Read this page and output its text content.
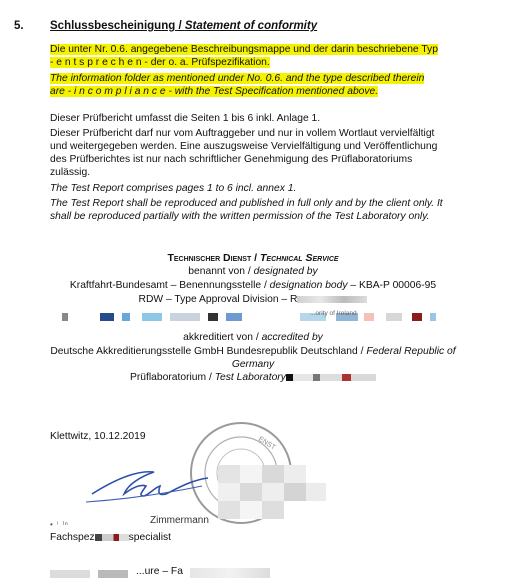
5. Schlussbescheinigung / Statement of conformity
Die unter Nr. 0.6. angegebene Beschreibungsmappe und der darin beschriebene Typ
- e n t s p r e c h e n - der o. a. Prüfspezifikation.
The information folder as mentioned under No. 0.6. and the type described therein
are - i n c o m p l i a n c e - with the Test Specification mentioned above.
Dieser Prüfbericht umfasst die Seiten 1 bis 6 inkl. Anlage 1.
Dieser Prüfbericht darf nur vom Auftraggeber und nur in vollem Wortlaut vervielfältigt
und weitergegeben werden. Eine auszugsweise Vervielfältigung und Veröffentlichung
des Prüfberichtes ist nur nach schriftlicher Genehmigung des Prüflaboratoriums
zulässig.
The Test Report comprises pages 1 to 6 incl. annex 1.
The Test Report shall be reproduced and published in full only and by the client only. It
shall be reproduced partially with the written permission of the Test Laboratory only.
Technischer Dienst / Technical Service
benannt von / designated by
Kraftfahrt-Bundesamt – Benennungsstelle / designation body – KBA-P 00006-95
RDW – Type Approval Division – R
...ority of Ireland
akkreditiert von / accredited by
Deutsche Akkreditierungsstelle GmbH Bundesrepublik Deutschland / Federal Republic of
Germany
Prüflaboratorium / Test Laboratory
Klettwitz, 10.12.2019	ENST
• ⁱ ˡⁿ	Zimmermann
Fachspez	specialist
...ure – Fa
